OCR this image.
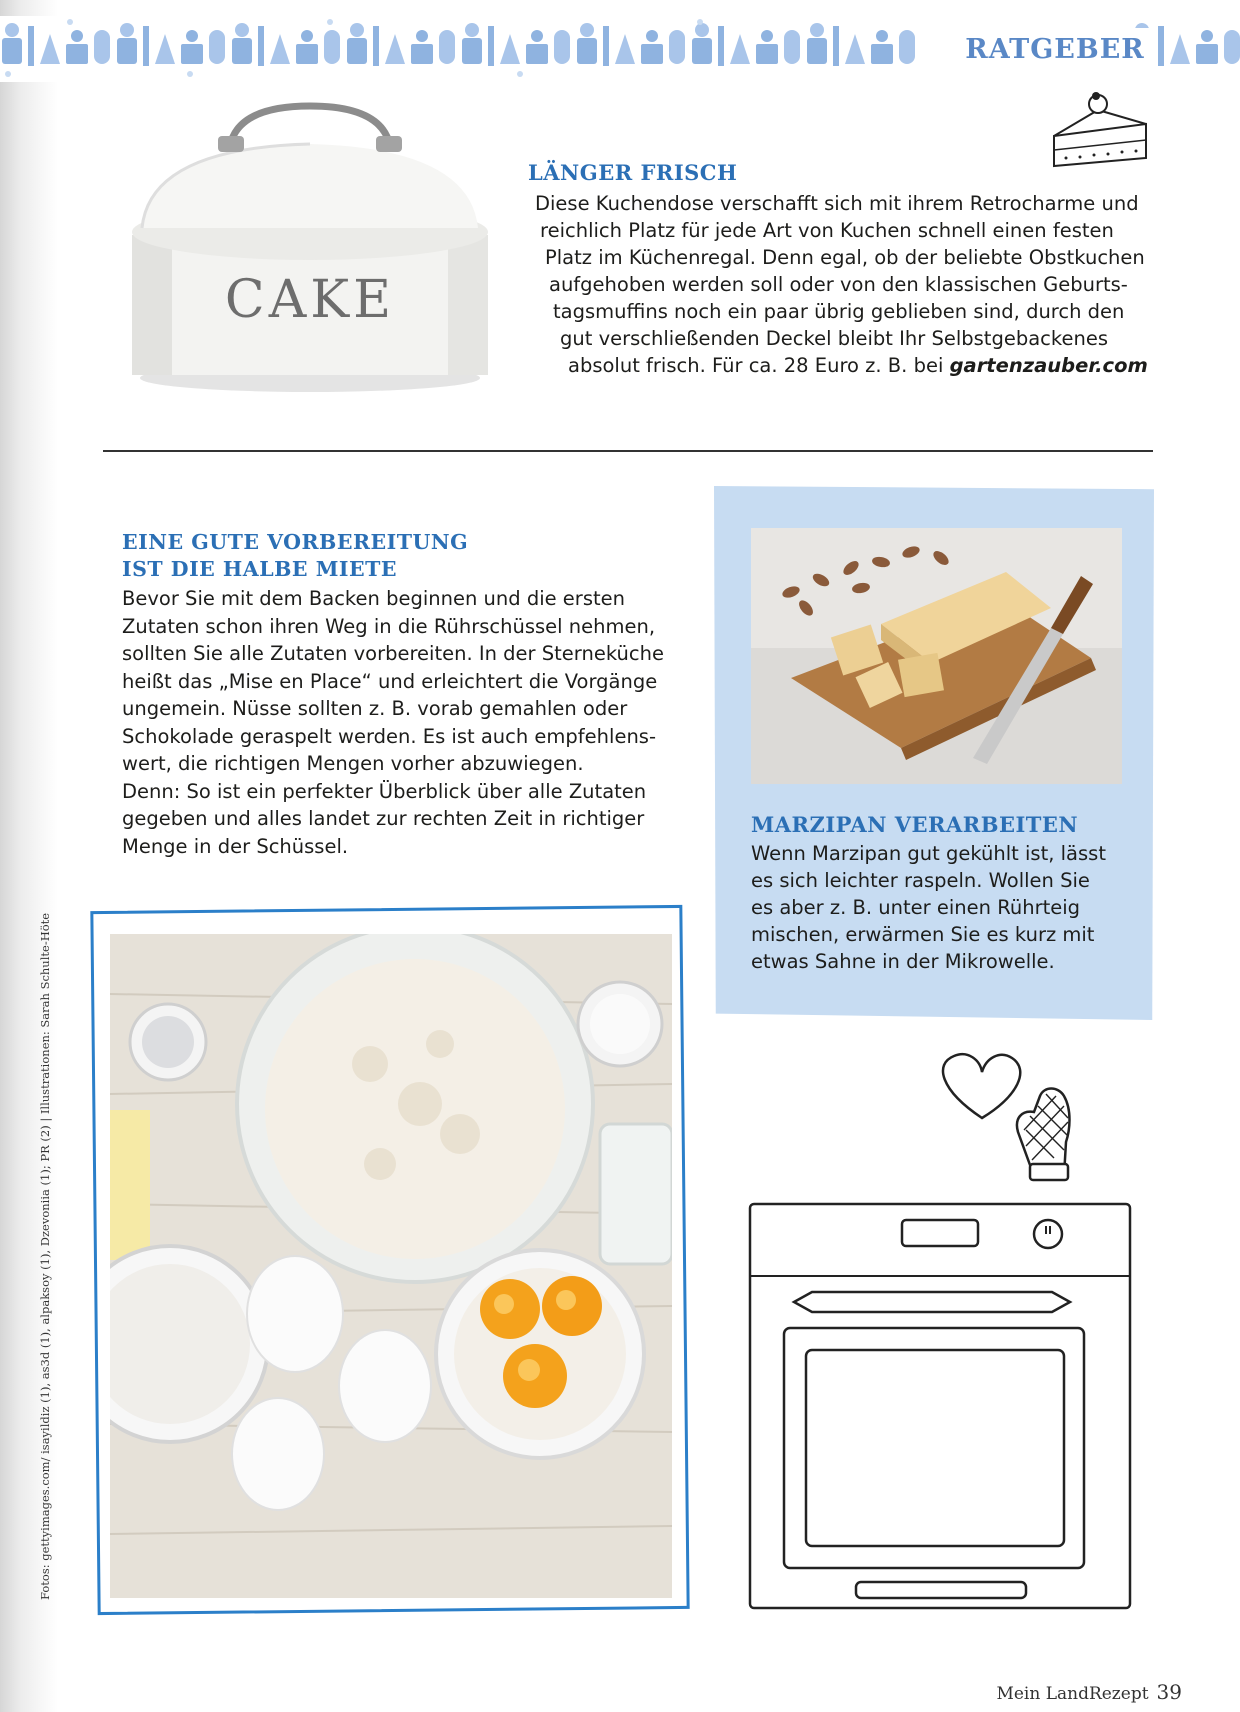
RATGEBER
CAKE
LÄNGER FRISCH

Diese Kuchendose verschafft sich mit ihrem Retrocharme und

reichlich Platz für jede Art von Kuchen schnell einen festen

Platz im Küchenregal. Denn egal, ob der beliebte Obstkuchen

aufgehoben werden soll oder von den klassischen Geburts-

tagsmuffins noch ein paar übrig geblieben sind, durch den

gut verschließenden Deckel bleibt Ihr Selbstgebackenes

absolut frisch. Für ca. 28 Euro z. B. bei gartenzauber.com

MARZIPAN VERARBEITEN

Wenn Marzipan gut gekühlt ist, lässt

es sich leichter raspeln. Wollen Sie

es aber z. B. unter einen Rührteig

mischen, erwärmen Sie es kurz mit

etwas Sahne in der Mikrowelle.

EINE GUTE VORBEREITUNG
IST DIE HALBE MIETE

Bevor Sie mit dem Backen beginnen und die ersten

Zutaten schon ihren Weg in die Rührschüssel nehmen,

sollten Sie alle Zutaten vorbereiten. In der Sterneküche

heißt das „Mise en Place“ und erleichtert die Vorgänge

ungemein. Nüsse sollten z. B. vorab gemahlen oder

Schokolade geraspelt werden. Es ist auch empfehlens-

wert, die richtigen Mengen vorher abzuwiegen.

Denn: So ist ein perfekter Überblick über alle Zutaten

gegeben und alles landet zur rechten Zeit in richtiger

Menge in der Schüssel.

Fotos: gettyimages.com/ isayildiz (1), as3d (1), alpaksoy (1), Dzevoniia (1); PR (2) | Illustrationen: Sarah Schulte-Höte
Mein LandRezept 39
